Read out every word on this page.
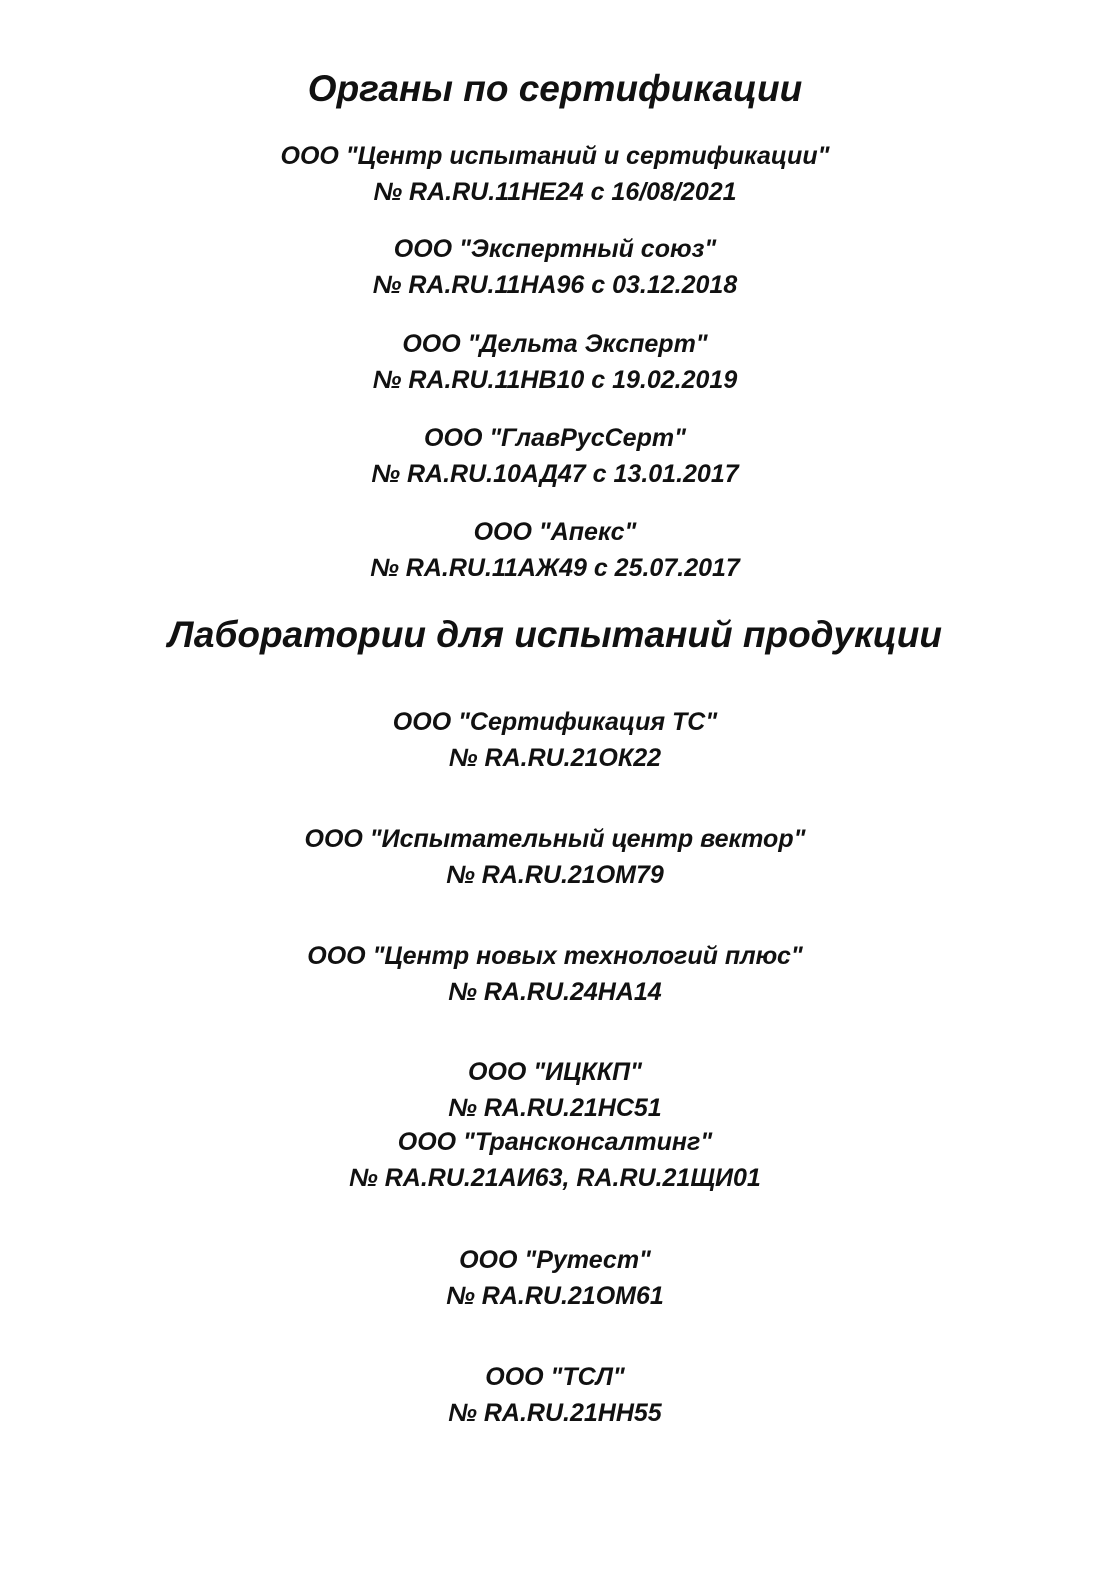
Органы по сертификации
ООО "Центр испытаний и сертификации"
№ RA.RU.11НЕ24 с 16/08/2021
ООО "Экспертный союз"
№ RA.RU.11НА96 с 03.12.2018
ООО "Дельта Эксперт"
№ RA.RU.11НВ10 с 19.02.2019
ООО "ГлавРусСерт"
№ RA.RU.10АД47 с 13.01.2017
ООО "Апекс"
№ RA.RU.11АЖ49 с 25.07.2017
Лаборатории для испытаний продукции
ООО "Сертификация ТС"
№ RA.RU.21ОК22
ООО "Испытательный центр вектор"
№ RA.RU.21ОМ79
ООО "Центр новых технологий плюс"
№ RA.RU.24НА14
ООО "ИЦККП"
№ RA.RU.21НС51
ООО "Трансконсалтинг"
№ RA.RU.21АИ63, RA.RU.21ЩИ01
ООО "Рутест"
№ RA.RU.21ОМ61
ООО "ТСЛ"
№ RA.RU.21НН55
